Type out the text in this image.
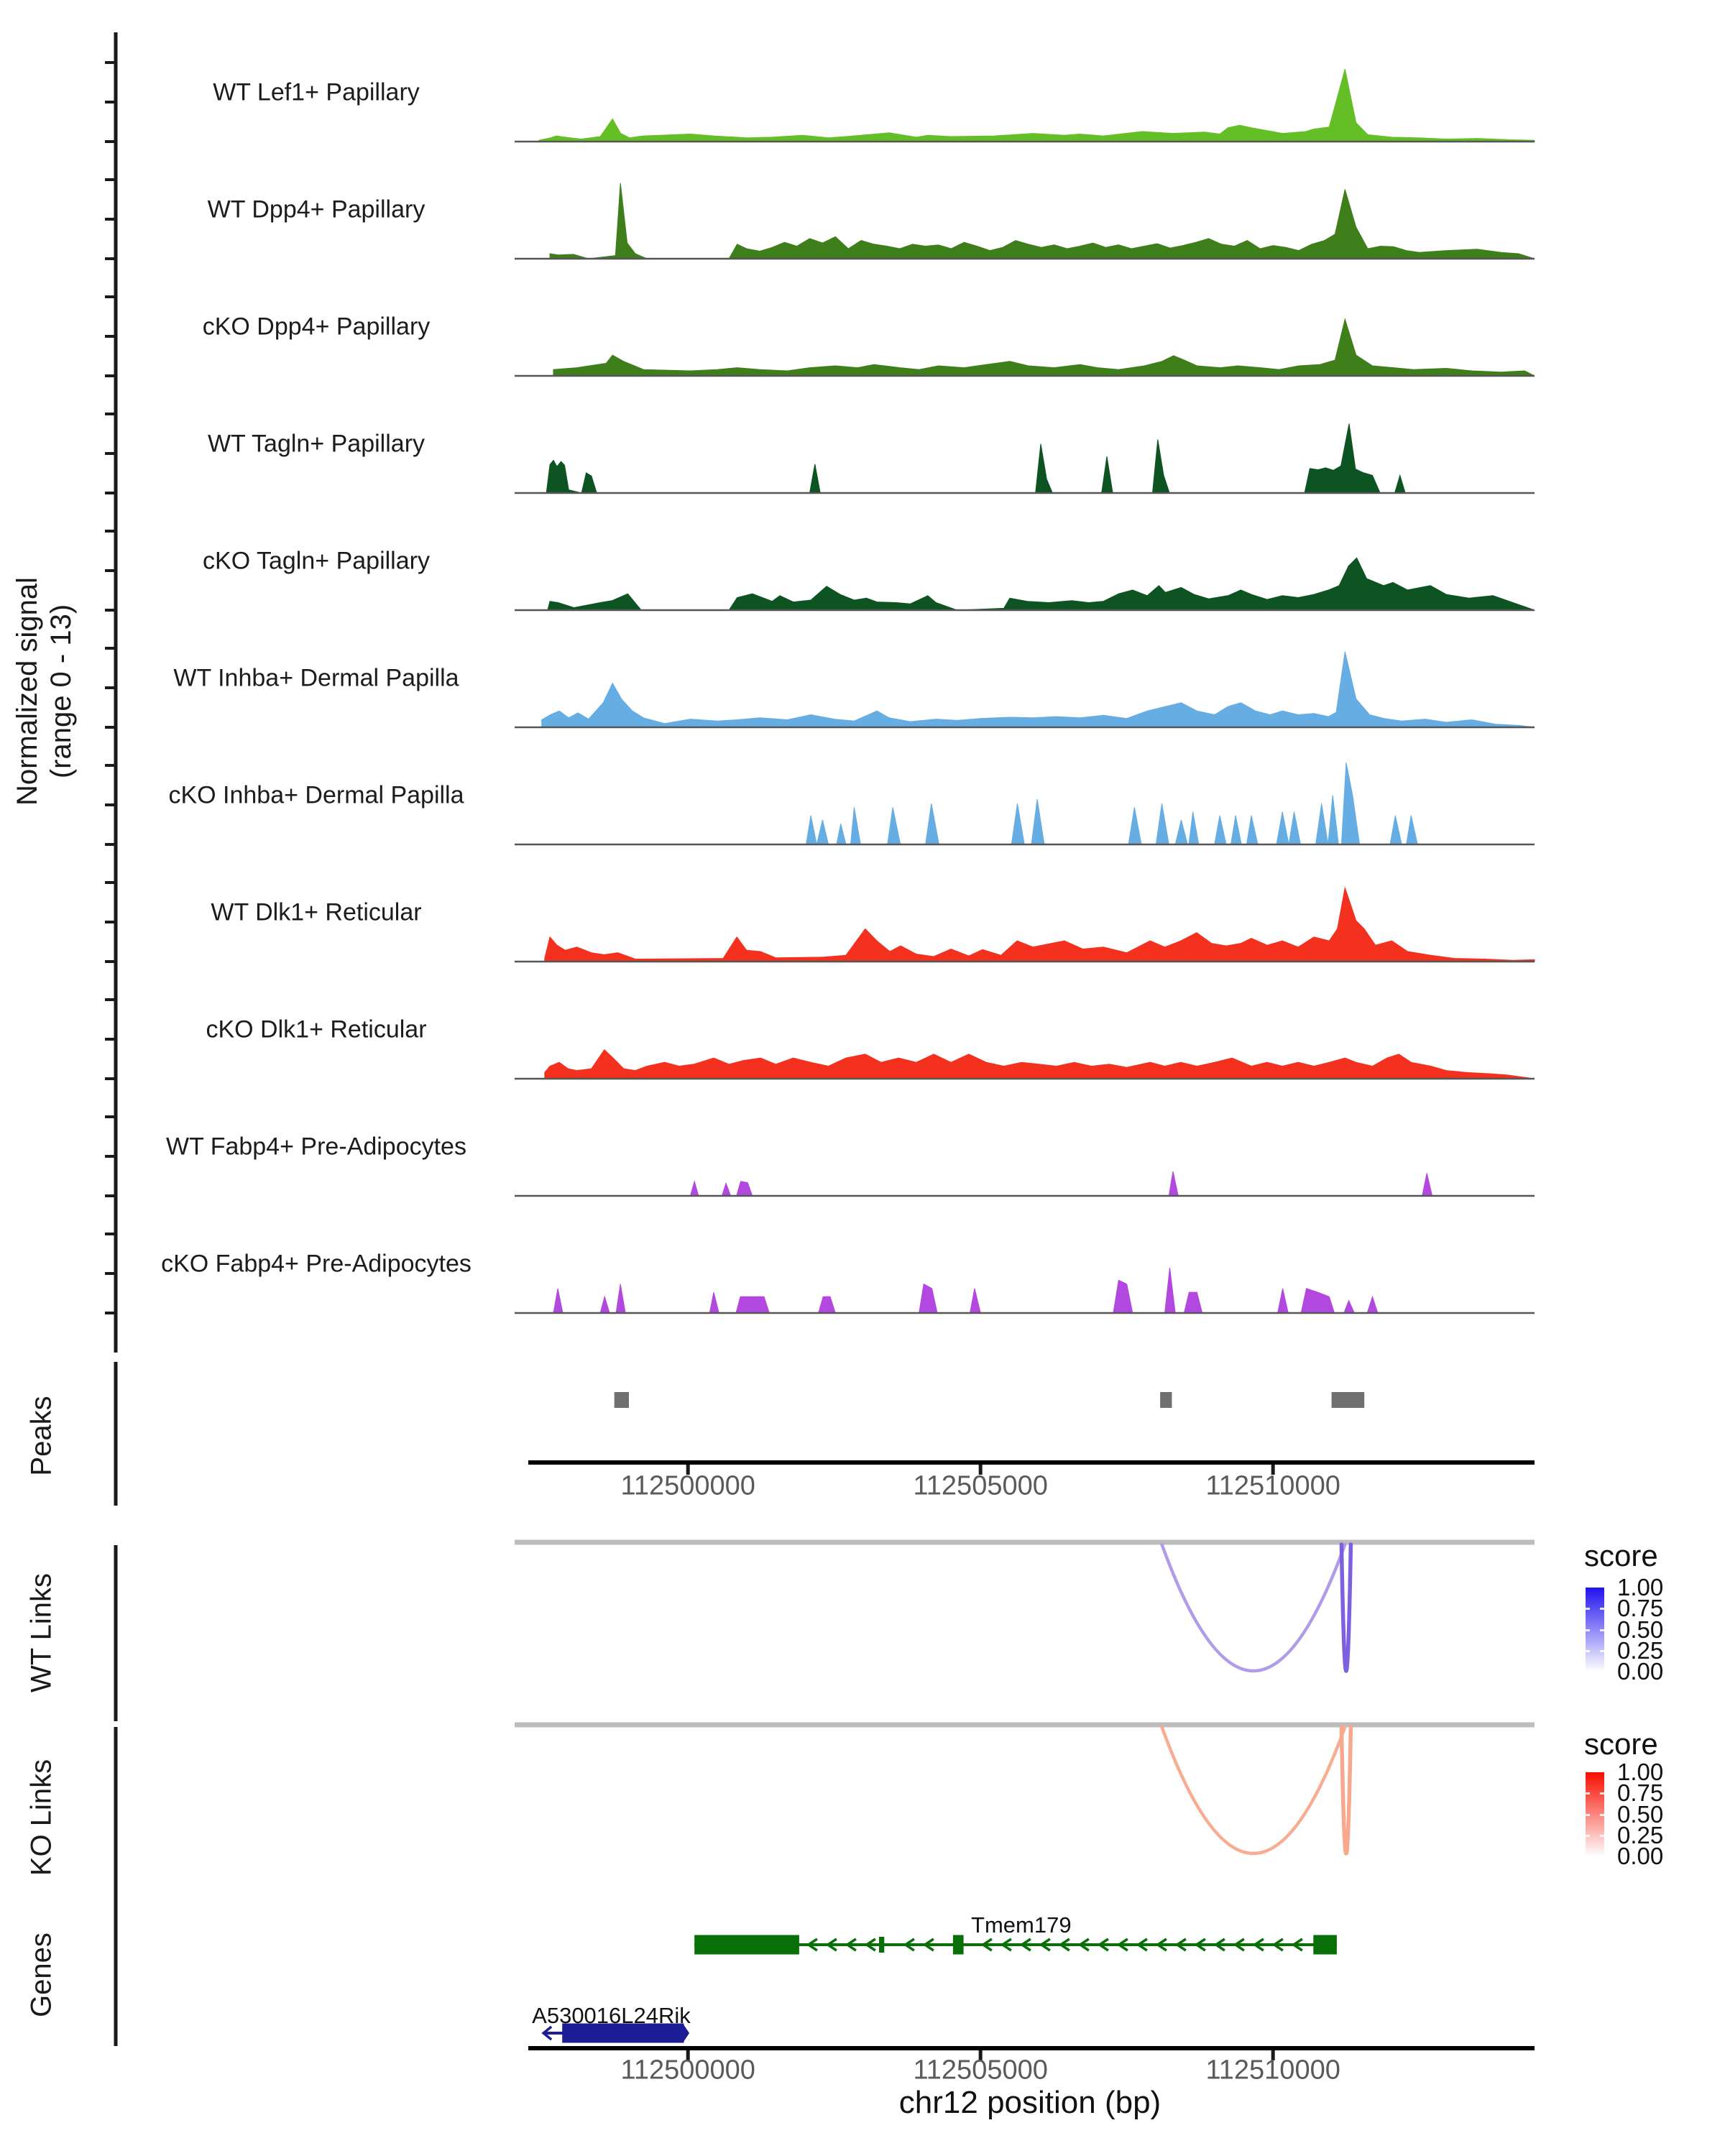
Normalized signal (range 0 - 13)
Peaks
WT Links
KO Links
Genes
chr12 position (bp)
score
score
WT Lef1+ Papillary
WT Dpp4+ Papillary
cKO Dpp4+ Papillary
WT Tagln+ Papillary
cKO Tagln+ Papillary
WT Inhba+ Dermal Papilla
cKO Inhba+ Dermal Papilla
WT Dlk1+ Reticular
cKO Dlk1+ Reticular
WT Fabp4+ Pre-Adipocytes
cKO Fabp4+ Pre-Adipocytes
112500000	112505000	112510000
112500000	112505000	112510000
1.00
0.75
0.50
0.25
0.00
1.00
0.75
0.50
0.25
0.00
Tmem179
A530016L24Rik
